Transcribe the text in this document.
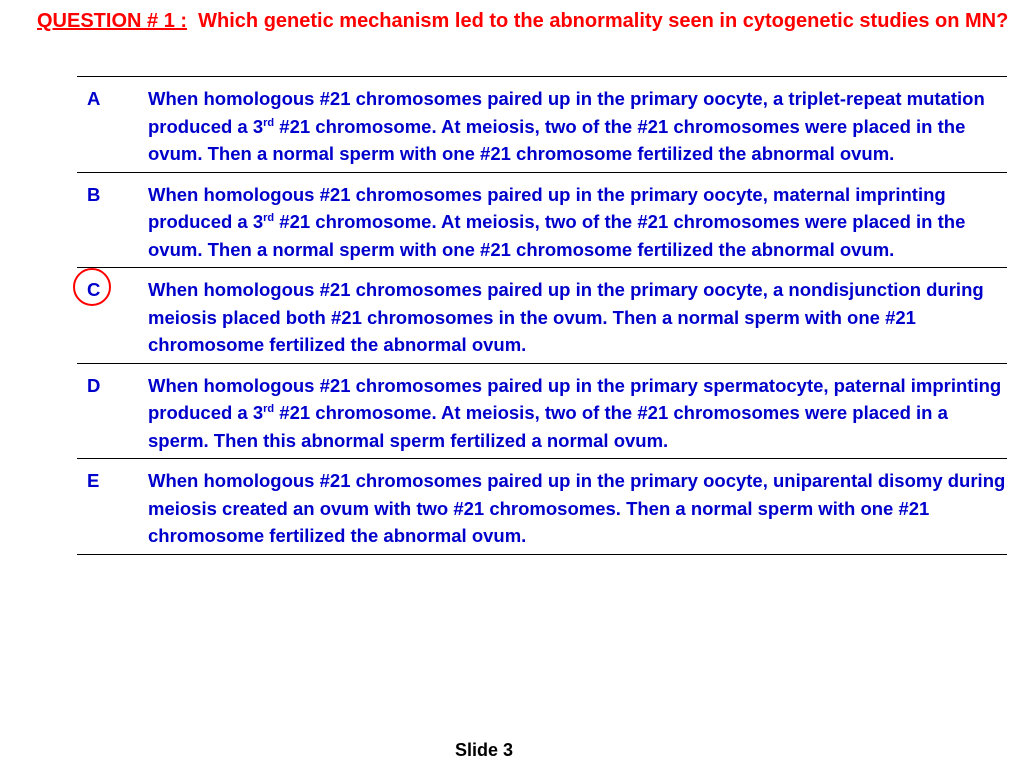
QUESTION # 1 : Which genetic mechanism led to the abnormality seen in cytogenetic studies on MN?
A	When homologous #21 chromosomes paired up in the primary oocyte, a triplet-repeat mutation produced a 3rd #21 chromosome. At meiosis, two of the #21 chromosomes were placed in the ovum. Then a normal sperm with one #21 chromosome fertilized the abnormal ovum.
B	When homologous #21 chromosomes paired up in the primary oocyte, maternal imprinting produced a 3rd #21 chromosome. At meiosis, two of the #21 chromosomes were placed in the ovum. Then a normal sperm with one #21 chromosome fertilized the abnormal ovum.

C	When homologous #21 chromosomes paired up in the primary oocyte, a nondisjunction during meiosis placed both #21 chromosomes in the ovum. Then a normal sperm with one #21 chromosome fertilized the abnormal ovum.
D	When homologous #21 chromosomes paired up in the primary spermatocyte, paternal imprinting produced a 3rd #21 chromosome. At meiosis, two of the #21 chromosomes were placed in a sperm. Then this abnormal sperm fertilized a normal ovum.
E	When homologous #21 chromosomes paired up in the primary oocyte, uniparental disomy during meiosis created an ovum with two #21 chromosomes. Then a normal sperm with one #21 chromosome fertilized the abnormal ovum.
Slide 3
